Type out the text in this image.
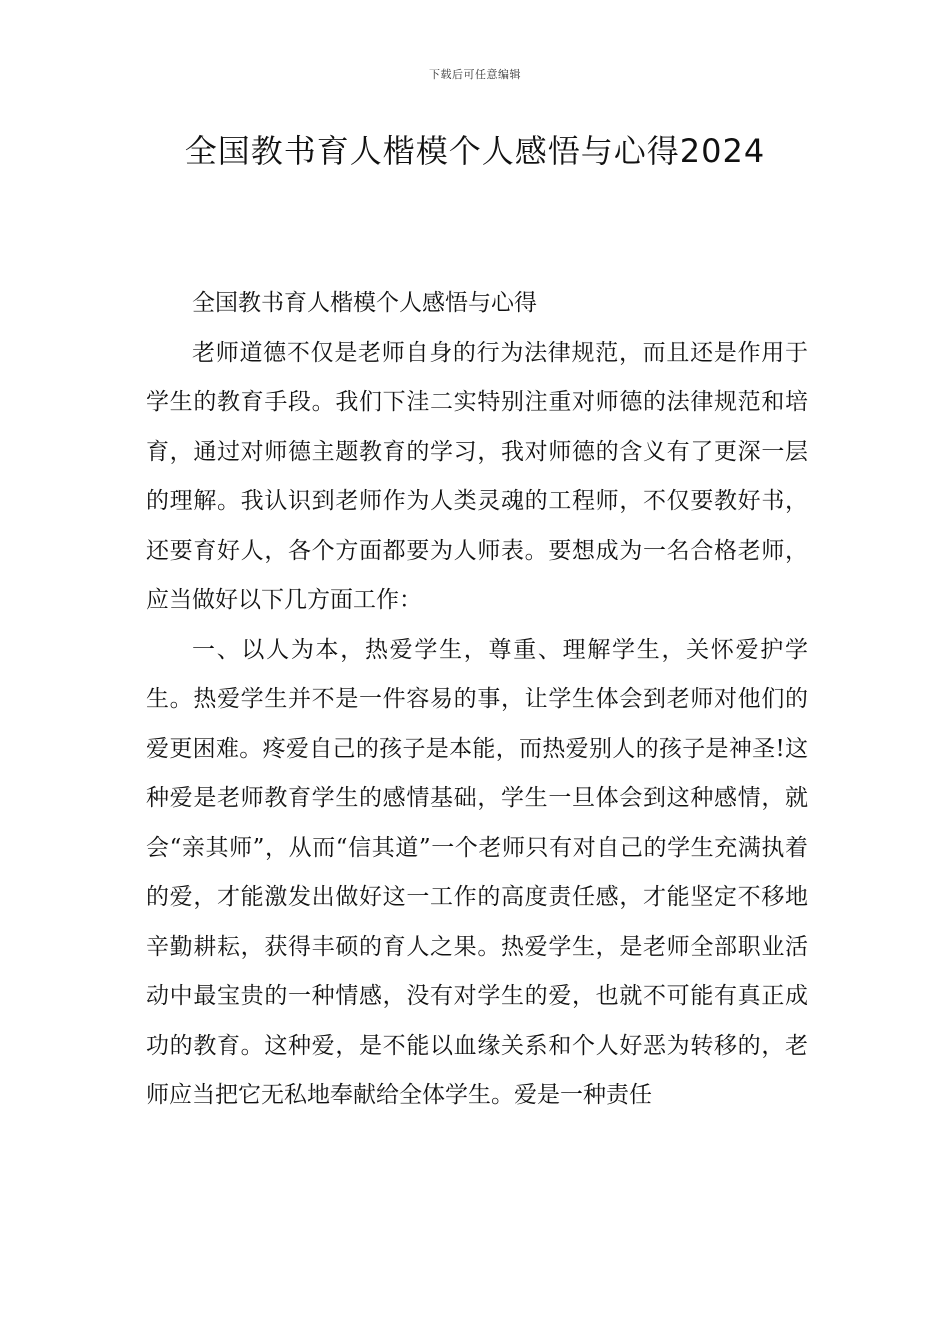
下载后可任意编辑
全国教书育人楷模个人感悟与心得2024

全国教书育人楷模个人感悟与心得

老师道德不仅是老师自身的行为法律规范，而且还是作用于学生的教育手段。我们下洼二实特别注重对师德的法律规范和培育，通过对师德主题教育的学习，我对师德的含义有了更深一层的理解。我认识到老师作为人类灵魂的工程师，不仅要教好书，还要育好人，各个方面都要为人师表。要想成为一名合格老师，应当做好以下几方面工作：

一、以人为本，热爱学生，尊重、理解学生，关怀爱护学生。热爱学生并不是一件容易的事，让学生体会到老师对他们的爱更困难。疼爱自己的孩子是本能，而热爱别人的孩子是神圣!这种爱是老师教育学生的感情基础，学生一旦体会到这种感情，就会“亲其师”，从而“信其道”一个老师只有对自己的学生充满执着的爱，才能激发出做好这一工作的高度责任感，才能坚定不移地辛勤耕耘，获得丰硕的育人之果。热爱学生，是老师全部职业活动中最宝贵的一种情感，没有对学生的爱，也就不可能有真正成功的教育。这种爱，是不能以血缘关系和个人好恶为转移的，老师应当把它无私地奉献给全体学生。爱是一种责任
